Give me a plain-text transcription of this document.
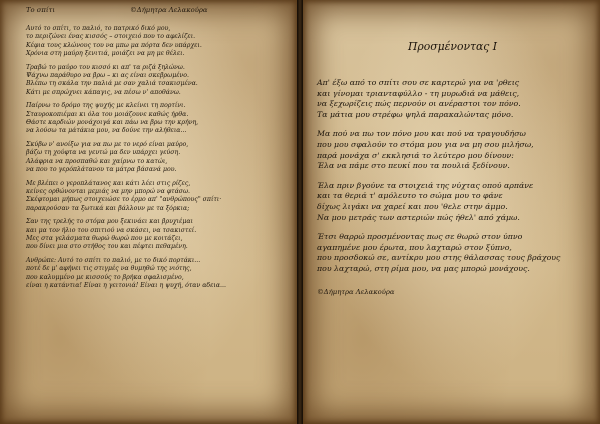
Το σπίτι	©Δήμητρα Λελακούρα
Αυτό το σπίτι, το παλιό, το πατρικό δικό μου,
το περιζώνει ένας κισσός – στοιχειό που το αφελίζει.
Κέφια τους κλώνους του να μπω μα πόρτα δεν υπάρχει.
Χρόνια στη μαύρη ξενιτιά, μοιάζει να μη με θέλει.
Τραβώ το μαύρο του κισσό κι απ' τα ριζά ξηλώνω.
Ψάχνω παράθυρο να βρω – κι ας είναι σκεβρωμένο.
Βλέπω τη σκάλα την παλιά με σαν χαλιά τσακισμένα.
Κάτι με σπρώχνει κάπαγις, να πέσω ν' αποθάνω.
Παίρνω το δρόμο της ψυχής με κλείνει τη πορτίνι.
Σταυροκοπιέμαι κι όλα του μοιάζουνε καθώς ήρθα.
Θάστε καρδιών μονάχοιγά και πάω να βρω την κρήνη,
να λούσω τα μάτάκια μου, να δούνε την αλήθεια...
Σκύβω ν' ανοίξω για να πω με το νερό είναι μαύρο,
βάζω τη χούφτα να γευτώ μα δεν υπάρχει γεύση.
Αλάφρια να προσπαθώ και χαίρνω το κατώι,
να που το γερόπλάτανου τα μάτρα βάσανά μου.
Με βλέπει ο γεροπλάτανος και κάτι λέει στις ρίζες,
κείνες ορθώνονται μεμιάς να μην μπορώ να φτάσω.
Σκέφτομαι μήπως στοιχειώσε το έρμο απ' "ανθρώπους" σπίτι·
παρακρούσαν τα ξωτικά και βάλλουν με τα ξόρκια;
Σαν της τρελής το στόμα μου ξεκινάει και βρυχιέμαι
και μα τον ήλιο του σπιτιού να σκάσει, να τσακιστεί.
Μες στα γελάσματα θωρώ θωρώ που με κοιτάζει,
που δίνει μια στο στήθος του και πέφτει πεθαμένη.
Ανθρώπε: Αυτό το σπίτι το παλιό, με το δικό πορτάκι...
ποτέ δε μ' αφήνει τις στιγμές να θυμηθώ της νιότης,
που καλυμμένο με κισσούς το βρήκα σφαλισμένο,
είναι η κατάντια! Είναι η γειτονιά! Είναι η ψυχή, όταν αδεια...
Προσμένοντας Ι
Απ' έξω από το σπίτι σου σε καρτερώ για να 'ρθεις
και γίνομαι τριανταφύλλο - τη μυρωδιά να μάθεις,
να ξεχωρίζεις πώς περνούν οι ανέραστοι τον πόνο.
Τα μάτια μου στρέφω ψηλά παρακαλώντας μόνο.
Μα πού να πω τον πόνο μου και πού να τραγουδήσω
που μου σφαλούν το στόμα μου για να μη σου μιλήσω,
παρά μονάχα σ' εκκλησιά το λεύτερο μου δίνουν:
Έλα να πάμε στο πευκί που τα πουλιά ξεδίνουν.
Έλα πριν βγούνε τα στοιχειά της νύχτας οπού αρπάνε
και τα θεριά τ' αμόλευτο το σώμα μου το φάνε
δίχως λιγάκι να χαρεί και που 'θελε στην άμμο.
Να μου μετράς των αστεριών πώς ήθελ' από χάμω.
Έτσι θαρρώ προσμένοντας πως σε θωρώ στον ύπνο
αγαπημένε μου έρωτα, που λαχταρώ στον ξύπνο,
που προσδοκώ σε, αντίκρυ μου στης θάλασσας τους βράχους
που λαχταρώ, στη ρίμα μου, να μας μπορώ μονάχους.
©Δήμητρα Λελακούρα
